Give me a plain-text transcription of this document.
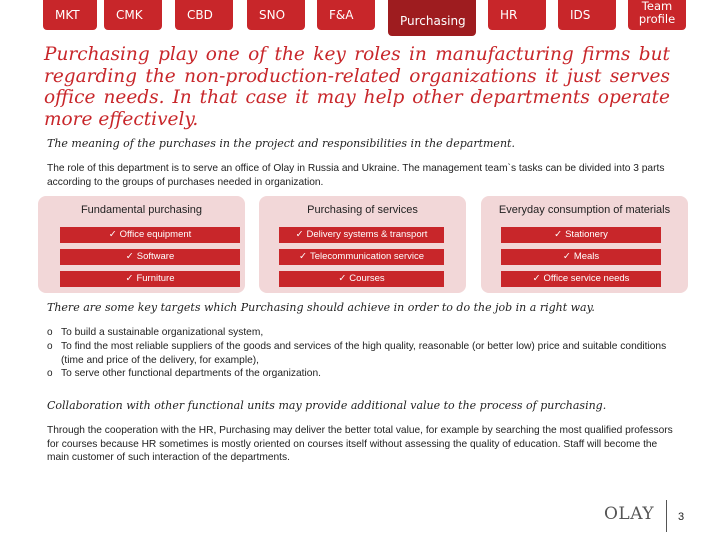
MKT	CMK	CBD	SNO	F&A	Purchasing	HR	IDS
Team
profile
Purchasing play one of the key roles in manufacturing firms but regarding the non-production-related organizations it just serves office needs. In that case it may help other departments operate more effectively.
The meaning of the purchases in the project and responsibilities in the department.
The role of this department is to serve an office of Olay in Russia and Ukraine. The management team`s tasks can be divided into 3 parts according to the groups of purchases needed in organization.
Fundamental purchasing
✓ Office equipment
✓ Software
✓ Furniture
Purchasing of services
✓ Delivery systems & transport
✓ Telecommunication service
✓ Courses
Everyday consumption of materials
✓ Stationery
✓ Meals
✓ Office service needs
There are some key targets which Purchasing should achieve in order to do the job in a right way.
o To build a sustainable organizational system,
o To find the most reliable suppliers of the goods and services of the high quality, reasonable (or better low) price and suitable conditions (time and price of the delivery, for example),
o To serve other functional departments of the organization.
Collaboration with other functional units may provide additional value to the process of purchasing.
Through the cooperation with the HR, Purchasing may deliver the better total value, for example by searching the most qualified professors for courses because HR sometimes is mostly oriented on courses itself without assessing the quality of education. Staff will become the main customer of such interaction of the departments.
OLAY 3
